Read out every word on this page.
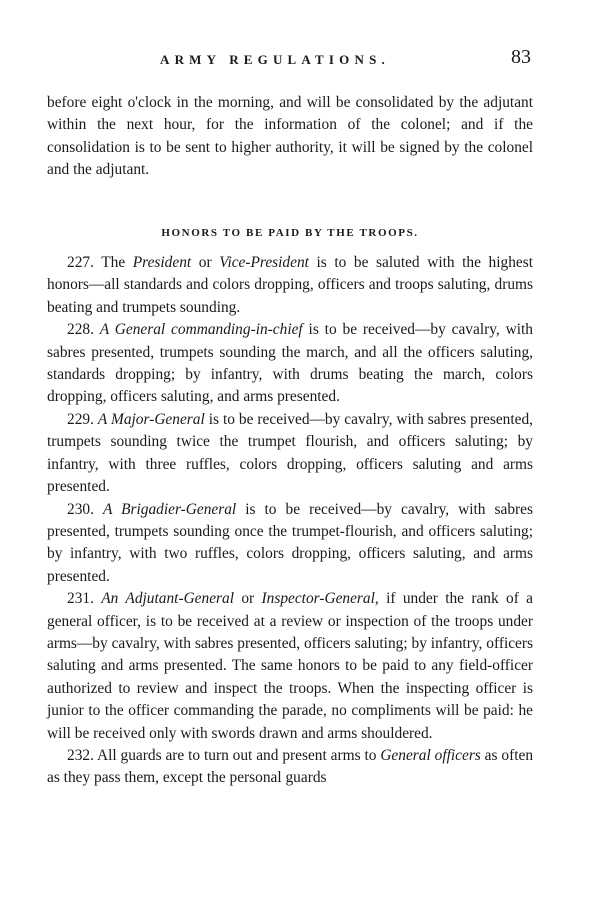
ARMY REGULATIONS.	83

before eight o'clock in the morning, and will be consolidated by the adjutant within the next hour, for the information of the colonel; and if the consolidation is to be sent to higher authority, it will be signed by the colonel and the adjutant.

HONORS TO BE PAID BY THE TROOPS.

227. The President or Vice-President is to be saluted with the highest honors—all standards and colors dropping, officers and troops saluting, drums beating and trumpets sounding.

228. A General commanding-in-chief is to be received—by cavalry, with sabres presented, trumpets sounding the march, and all the officers saluting, standards dropping; by infantry, with drums beating the march, colors dropping, officers saluting, and arms presented.

229. A Major-General is to be received—by cavalry, with sabres presented, trumpets sounding twice the trumpet flourish, and officers saluting; by infantry, with three ruffles, colors dropping, officers saluting and arms presented.

230. A Brigadier-General is to be received—by cavalry, with sabres presented, trumpets sounding once the trumpet-flourish, and officers saluting; by infantry, with two ruffles, colors dropping, officers saluting, and arms presented.

231. An Adjutant-General or Inspector-General, if under the rank of a general officer, is to be received at a review or inspection of the troops under arms—by cavalry, with sabres presented, officers saluting; by infantry, officers saluting and arms presented. The same honors to be paid to any field-officer authorized to review and inspect the troops. When the inspecting officer is junior to the officer commanding the parade, no compliments will be paid: he will be received only with swords drawn and arms shouldered.

232. All guards are to turn out and present arms to General officers as often as they pass them, except the personal guards
